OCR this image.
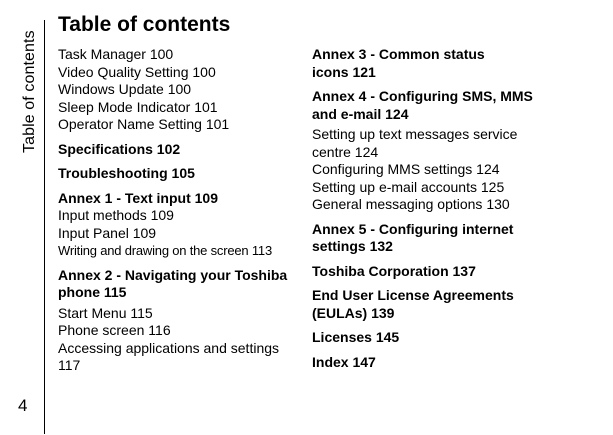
Table of contents
4
Table of contents
Task Manager 100
Video Quality Setting 100
Windows Update 100
Sleep Mode Indicator 101
Operator Name Setting 101
Specifications 102
Troubleshooting 105
Annex 1 - Text input 109
Input methods 109
Input Panel 109
Writing and drawing on the screen 113
Annex 2 - Navigating your Toshiba phone 115
Start Menu 115
Phone screen 116
Accessing applications and settings 117
Annex 3 - Common status icons 121
Annex 4 - Configuring SMS, MMS and e-mail 124
Setting up text messages service centre 124
Configuring MMS settings 124
Setting up e-mail accounts 125
General messaging options 130
Annex 5 - Configuring internet settings 132
Toshiba Corporation 137
End User License Agreements (EULAs) 139
Licenses 145
Index 147
